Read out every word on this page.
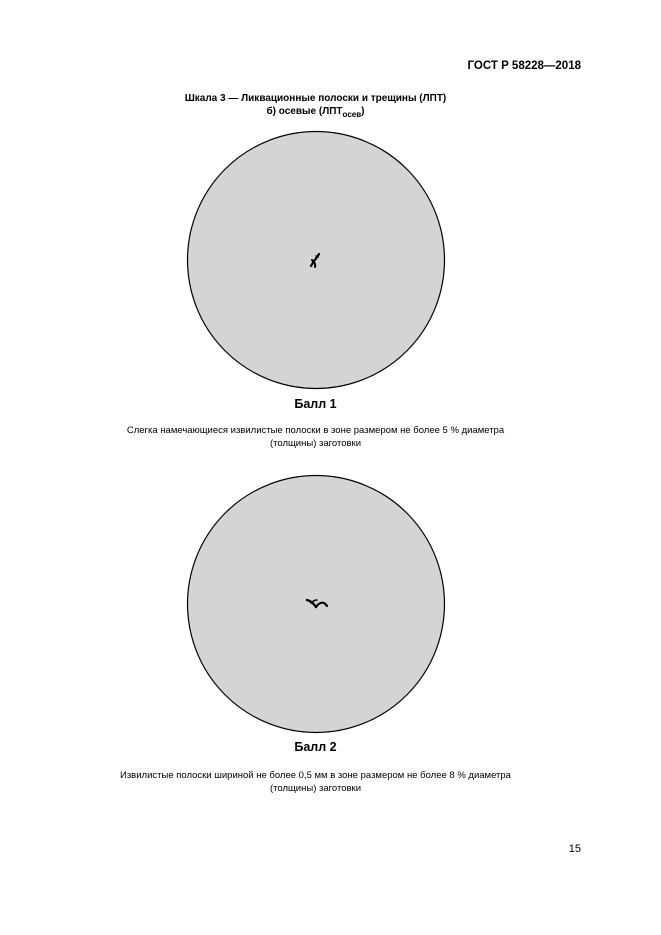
ГОСТ Р 58228—2018
Шкала 3 — Ликвационные полоски и трещины (ЛПТ)
б) осевые $(ЛПТ_{осев})$
Балл 1
Слегка намечающиеся извилистые полоски в зоне размером не более 5 % диаметра
(толщины) заготовки
Балл 2
Извилистые полоски шириной не более 0,5 мм в зоне размером не более 8 % диаметра
(толщины) заготовки
15
